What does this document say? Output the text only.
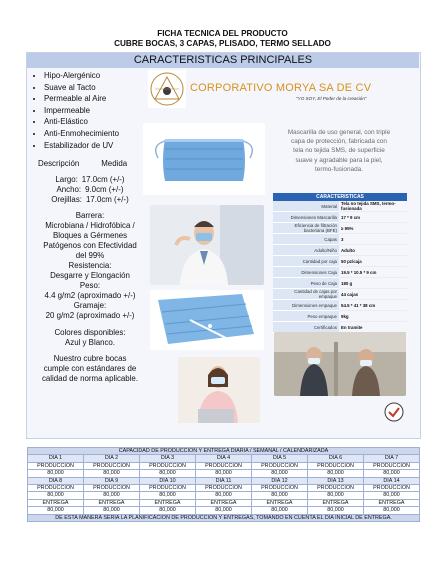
FICHA TECNICA DEL PRODUCTO
CUBRE BOCAS, 3 CAPAS, PLISADO, TERMO SELLADO
CARACTERISTICAS PRINCIPALES
• Hipo-Alergénico
• Suave al Tacto
• Permeable al Aire
• Impermeable
• Anti-Elástico
• Anti-Enmohecimiento
• Estabilizador de UV
Descripción	Medida
Largo: 17.0cm (+/-)
Ancho: 9.0cm (+/-)
Orejillas: 17.0cm (+/-)
Barrera:
Microbiana / Hidrofóbica /
Bloques a Gérmenes
Patógenos con Efectividad
del 99%
Resistencia:
Desgarre y Elongación
Peso:
4.4 g/m2 (aproximado +/-)
Gramaje:
20 g/m2 (aproximado +/-)
Colores disponibles:
Azul y Blanco.
Nuestro cubre bocas
cumple con estándares de
calidad de norma aplicable.
CORPORATIVO MORYA SA DE CV
"YO SOY, El Poder de la creación"
Mascarilla de uso general, con triple
capa de protección, fabricada con
tela no tejida SMS, de superficie
suave y agradable para la piel,
termo-fusionada.
CARACTERISTICAS
Material	Tela no tejida SMS, termo-fusionada
Dimensiones Mascarilla	17 * 9 cm
Eficiencia de filtración bacteriana (BFE)	≥ 95%
Capas	3
Adulto/Niño	Adulto
Cantidad por caja	50 pz/caja
Dimensiones Caja	19.5 * 10.5 * 9 cm
Peso de Caja	180 g
Cantidad de cajas por empaque	44 cajas
Dimensiones empaque	54.5 * 41 * 38 cm
Peso empaque	9kg
Certificados	En tramite
CAPACIDAD DE PRODUCCION Y ENTREGA DIARIA / SEMANAL / CALENDARIZADA						
DIA 1	DIA 2	DIA 3	DIA 4	DIA 5	DIA 6	DIA 7
PRODUCCION	PRODUCCION	PRODUCCION	PRODUCCION	PRODUCCION	PRODUCCION	PRODUCCION
80,000	80,000	80,000	80,000	80,000	80,000	80,000
DIA 8	DIA 9	DIA 10	DIA 11	DIA 12	DIA 13	DIA 14
PRODUCCION	PRODUCCION	PRODUCCION	PRODUCCION	PRODUCCION	PRODUCCION	PRODUCCION
80,000	80,000	80,000	80,000	80,000	80,000	80,000
ENTREGA	ENTREGA	ENTREGA	ENTREGA	ENTREGA	ENTREGA	ENTREGA
80,000	80,000	80,000	80,000	80,000	80,000	80,000
DE ESTA MANERA SERIA LA PLANIFICACION DE PRODUCCION Y ENTREGAS, TOMANDO EN CUENTA EL DIA INICIAL DE ENTREGA.						
